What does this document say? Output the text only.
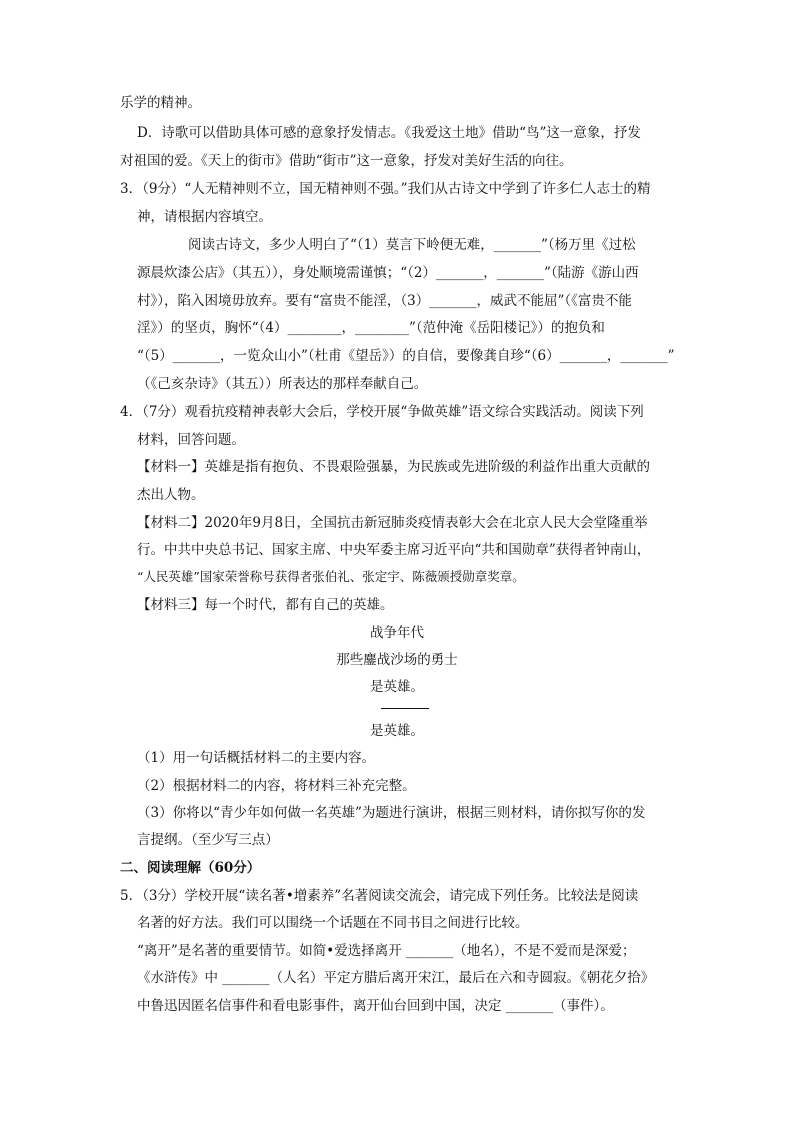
乐学的精神。
D．诗歌可以借助具体可感的意象抒发情志。《我爱这土地》借助“鸟”这一意象，抒发
对祖国的爱。《天上的街市》借助“街市”这一意象，抒发对美好生活的向往。
3．（9分）“人无精神则不立，国无精神则不强。”我们从古诗文中学到了许多仁人志士的精
神，请根据内容填空。
阅读古诗文，多少人明白了“（1）莫言下岭便无难，_______”（杨万里《过松
源晨炊漆公店》（其五）），身处顺境需谨慎；“（2）_______，_______”（陆游《游山西
村》），陷入困境毋放弃。要有“富贵不能淫，（3）_______，威武不能屈”（《富贵不能
淫》）的坚贞，胸怀“（4）________，________”（范仲淹《岳阳楼记》）的抱负和
“（5）_______，一览众山小”（杜甫《望岳》）的自信，要像龚自珍“（6）_______，_______”
（《己亥杂诗》（其五））所表达的那样奉献自己。
4．（7分）观看抗疫精神表彰大会后，学校开展“争做英雄”语文综合实践活动。阅读下列
材料，回答问题。
【材料一】英雄是指有抱负、不畏艰险强暴，为民族或先进阶级的利益作出重大贡献的
杰出人物。
【材料二】2020年9月8日，全国抗击新冠肺炎疫情表彰大会在北京人民大会堂隆重举
行。中共中央总书记、国家主席、中央军委主席习近平向“共和国勋章”获得者钟南山，
“人民英雄”国家荣誉称号获得者张伯礼、张定宇、陈薇颁授勋章奖章。
【材料三】每一个时代，都有自己的英雄。
战争年代
那些鏖战沙场的勇士
是英雄。
是英雄。
（1）用一句话概括材料二的主要内容。
（2）根据材料二的内容，将材料三补充完整。
（3）你将以“青少年如何做一名英雄”为题进行演讲，根据三则材料，请你拟写你的发
言提纲。（至少写三点）
二、阅读理解（60分）
5．（3分）学校开展“读名著•增素养”名著阅读交流会，请完成下列任务。比较法是阅读
名著的好方法。我们可以围绕一个话题在不同书目之间进行比较。
“离开”是名著的重要情节。如简•爱选择离开 _______（地名），不是不爱而是深爱；
《水浒传》中 _______（人名）平定方腊后离开宋江，最后在六和寺圆寂。《朝花夕拾》
中鲁迅因匿名信事件和看电影事件，离开仙台回到中国，决定 _______（事件）。
